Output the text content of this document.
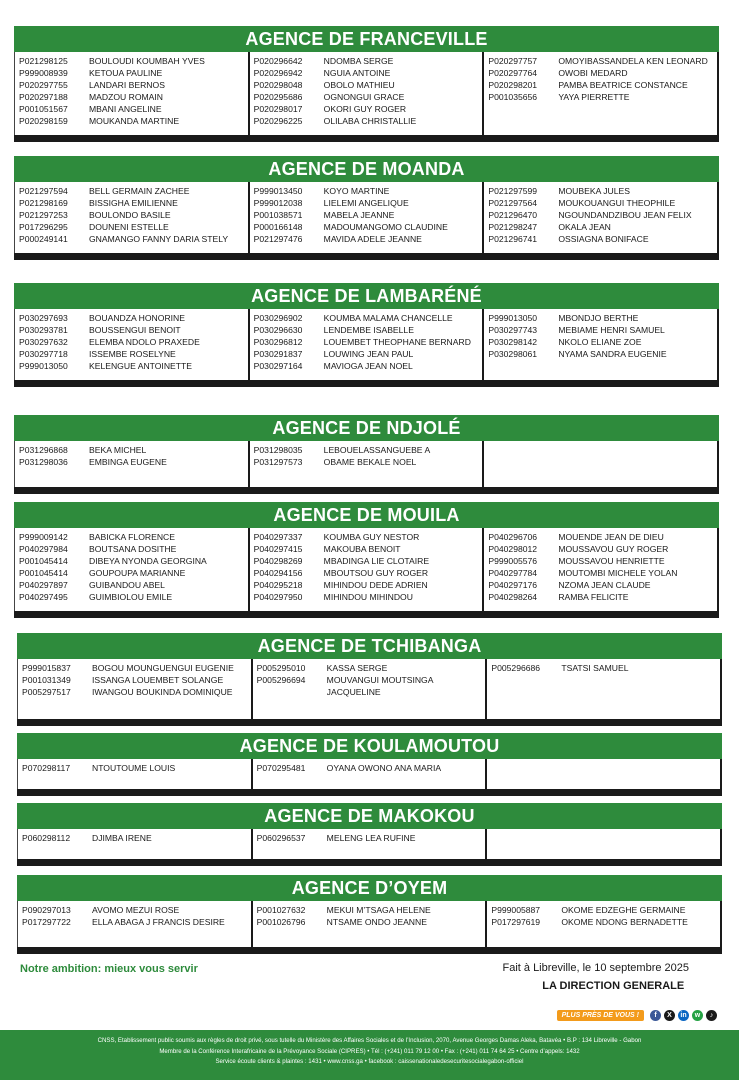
AGENCE DE FRANCEVILLE
P021298125	BOULOUDI KOUMBAH YVES
P999008939	KETOUA PAULINE
P020297755	LANDARI BERNOS
P020297188	MADZOU ROMAIN
P001051567	MBANI ANGELINE
P020298159	MOUKANDA MARTINE
P020296642	NDOMBA SERGE
P020296942	NGUIA ANTOINE
P020298048	OBOLO MATHIEU
P020295686	OGNONGUI GRACE
P020298017	OKORI GUY ROGER
P020296225	OLILABA CHRISTALLIE
P020297757	OMOYIBASSANDELA KEN LEONARD
P020297764	OWOBI MEDARD
P020298201	PAMBA BEATRICE CONSTANCE
P001035656	YAYA PIERRETTE
AGENCE DE MOANDA
P021297594	BELL GERMAIN ZACHEE
P021298169	BISSIGHA EMILIENNE
P021297253	BOULONDO BASILE
P017296295	DOUNENI ESTELLE
P000249141	GNAMANGO FANNY DARIA STELY
P999013450	KOYO MARTINE
P999012038	LIELEMI ANGELIQUE
P001038571	MABELA JEANNE
P000166148	MADOUMANGOMO CLAUDINE
P021297476	MAVIDA ADELE JEANNE
P021297599	MOUBEKA JULES
P021297564	MOUKOUANGUI THEOPHILE
P021296470	NGOUNDANDZIBOU JEAN FELIX
P021298247	OKALA JEAN
P021296741	OSSIAGNA BONIFACE
AGENCE DE LAMBARÉNÉ
P030297693	BOUANDZA HONORINE
P030293781	BOUSSENGUI BENOIT
P030297632	ELEMBA NDOLO PRAXEDE
P030297718	ISSEMBE ROSELYNE
P999013050	KELENGUE ANTOINETTE
P030296902	KOUMBA MALAMA CHANCELLE
P030296630	LENDEMBE ISABELLE
P030296812	LOUEMBET THEOPHANE BERNARD
P030291837	LOUWING JEAN PAUL
P030297164	MAVIOGA JEAN NOEL
P999013050	MBONDJO BERTHE
P030297743	MEBIAME HENRI SAMUEL
P030298142	NKOLO ELIANE ZOE
P030298061	NYAMA SANDRA EUGENIE
AGENCE DE NDJOLÉ
P031296868	BEKA MICHEL
P031298036	EMBINGA EUGENE
P031298035	LEBOUELASSANGUEBE A
P031297573	OBAME BEKALE NOEL
AGENCE DE MOUILA
P999009142	BABICKA FLORENCE
P040297984	BOUTSANA DOSITHE
P001045414	DIBEYA NYONDA GEORGINA
P001045414	GOUPOUPA MARIANNE
P040297897	GUIBANDOU ABEL
P040297495	GUIMBIOLOU EMILE
P040297337	KOUMBA GUY NESTOR
P040297415	MAKOUBA BENOIT
P040298269	MBADINGA LIE CLOTAIRE
P040294156	MBOUTSOU GUY ROGER
P040295218	MIHINDOU DEDE ADRIEN
P040297950	MIHINDOU MIHINDOU
P040296706	MOUENDE JEAN DE DIEU
P040298012	MOUSSAVOU GUY ROGER
P999005576	MOUSSAVOU HENRIETTE
P040297784	MOUTOMBI MICHELE YOLAN
P040297176	NZOMA JEAN CLAUDE
P040298264	RAMBA FELICITE
AGENCE DE TCHIBANGA
P999015837	BOGOU MOUNGUENGUI EUGENIE
P001031349	ISSANGA LOUEMBET SOLANGE
P005297517	IWANGOU BOUKINDA DOMINIQUE
P005295010	KASSA SERGE
P005296694	MOUVANGUI MOUTSINGA
JACQUELINE
P005296686	TSATSI SAMUEL
AGENCE DE KOULAMOUTOU
P070298117	NTOUTOUME LOUIS	P070295481	OYANA OWONO ANA MARIA
AGENCE DE MAKOKOU
P060298112	DJIMBA IRENE	P060296537	MELENG LEA RUFINE
AGENCE D’OYEM
P090297013	AVOMO MEZUI ROSE
P017297722	ELLA ABAGA J FRANCIS DESIRE
P001027632	MEKUI M’TSAGA HELENE
P001026796	NTSAME ONDO JEANNE
P999005887	OKOME EDZEGHE GERMAINE
P017297619	OKOME NDONG BERNADETTE
Notre ambition: mieux vous servir	Fait à Libreville, le 10 septembre 2025
LA DIRECTION GENERALE
PLUS PRÈS DE VOUS !	f	X	in	w	♪
CNSS, Etablissement public soumis aux règles de droit privé, sous tutelle du Ministère des Affaires Sociales et de l’Inclusion, 2070, Avenue Georges Damas Aleka, Batavéa • B.P : 134 Libreville - Gabon
Membre de la Conférence Interafricaine de la Prévoyance Sociale (CIPRES) • Tél : (+241) 011 79 12 00 • Fax : (+241) 011 74 64 25 • Centre d’appels: 1432
Service écoute clients & plaintes : 1431 • www.cnss.ga • facebook : caissenationaledesecuritesocialegabon-officiel
